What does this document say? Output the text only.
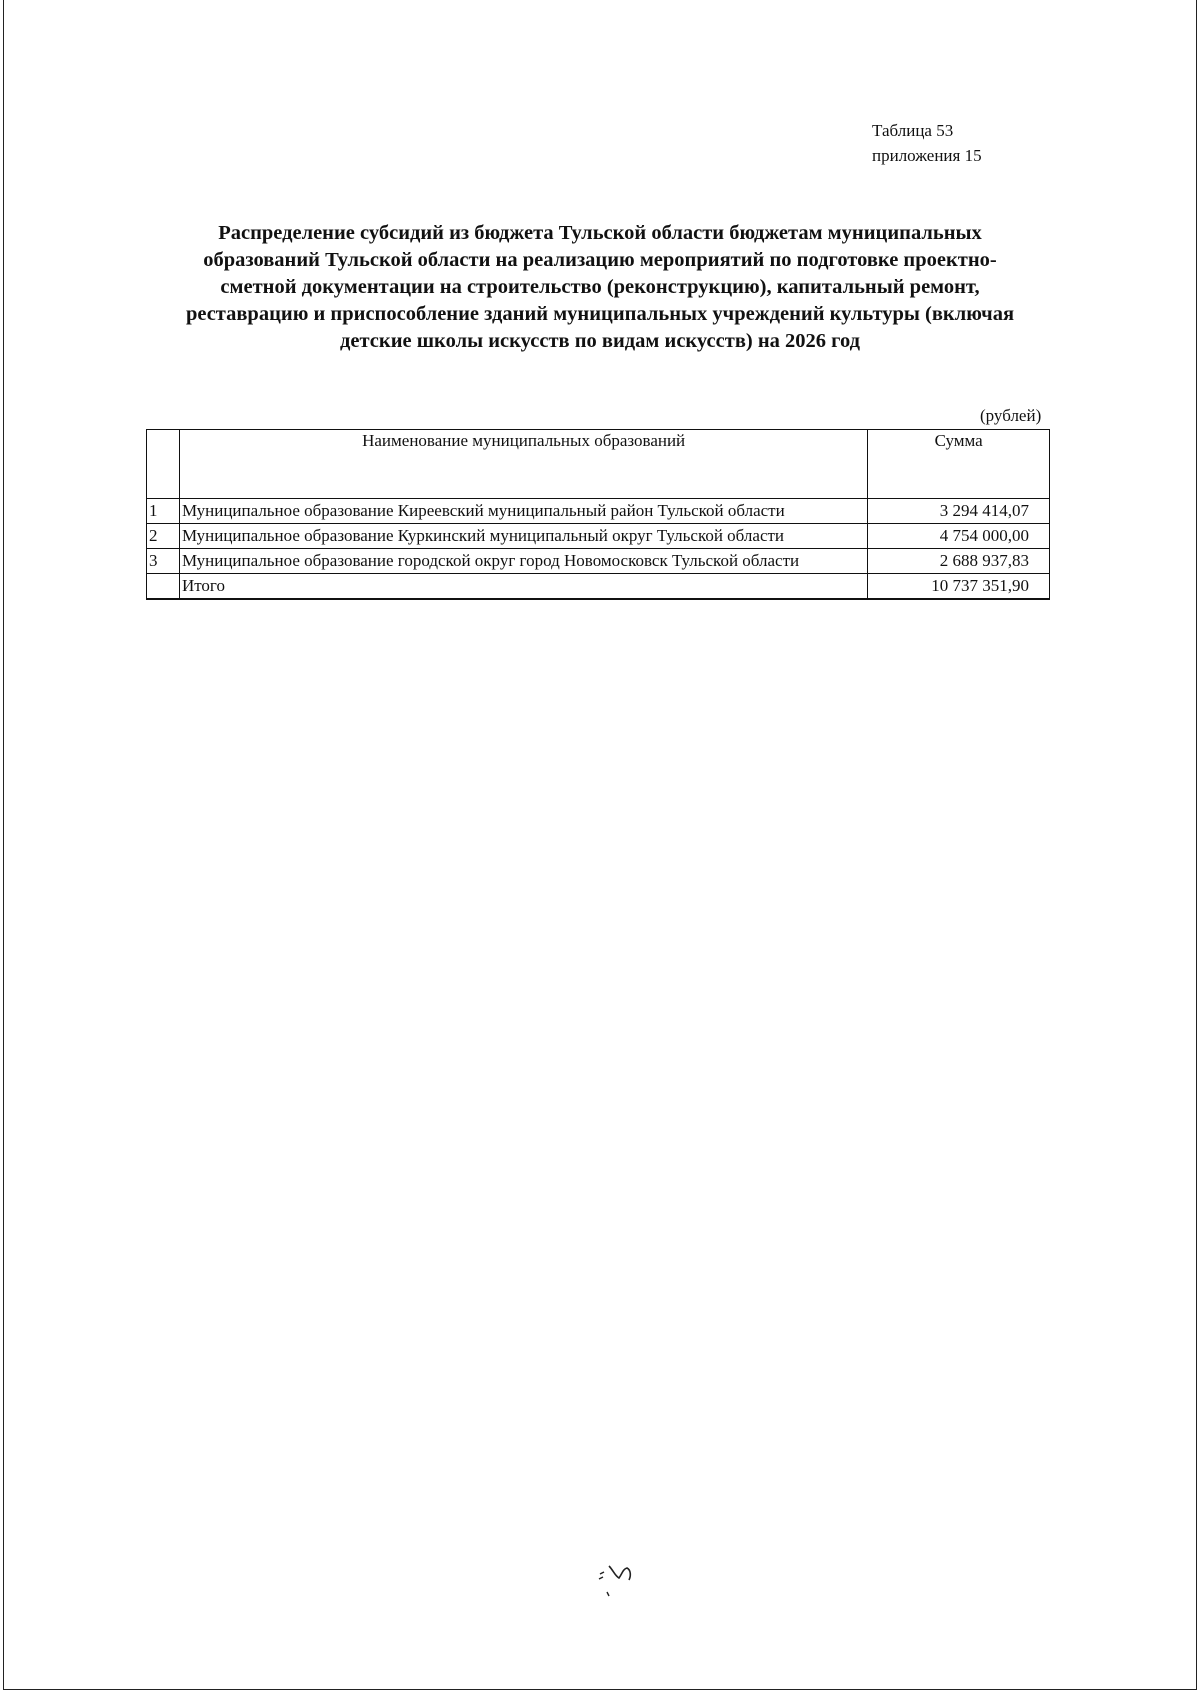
Таблица 53
приложения 15
Распределение субсидий из бюджета Тульской области бюджетам муниципальных
образований Тульской области на реализацию мероприятий по подготовке проектно-
сметной документации на строительство (реконструкцию), капитальный ремонт,
реставрацию и приспособление зданий муниципальных учреждений культуры (включая
детские школы искусств по видам искусств) на 2026 год
(рублей)
	Наименование муниципальных образований	Сумма
1	Муниципальное образование Киреевский муниципальный район Тульской области	3 294 414,07
2	Муниципальное образование Куркинский муниципальный округ Тульской области	4 754 000,00
3	Муниципальное образование городской округ город Новомосковск Тульской области	2 688 937,83
	Итого	10 737 351,90
